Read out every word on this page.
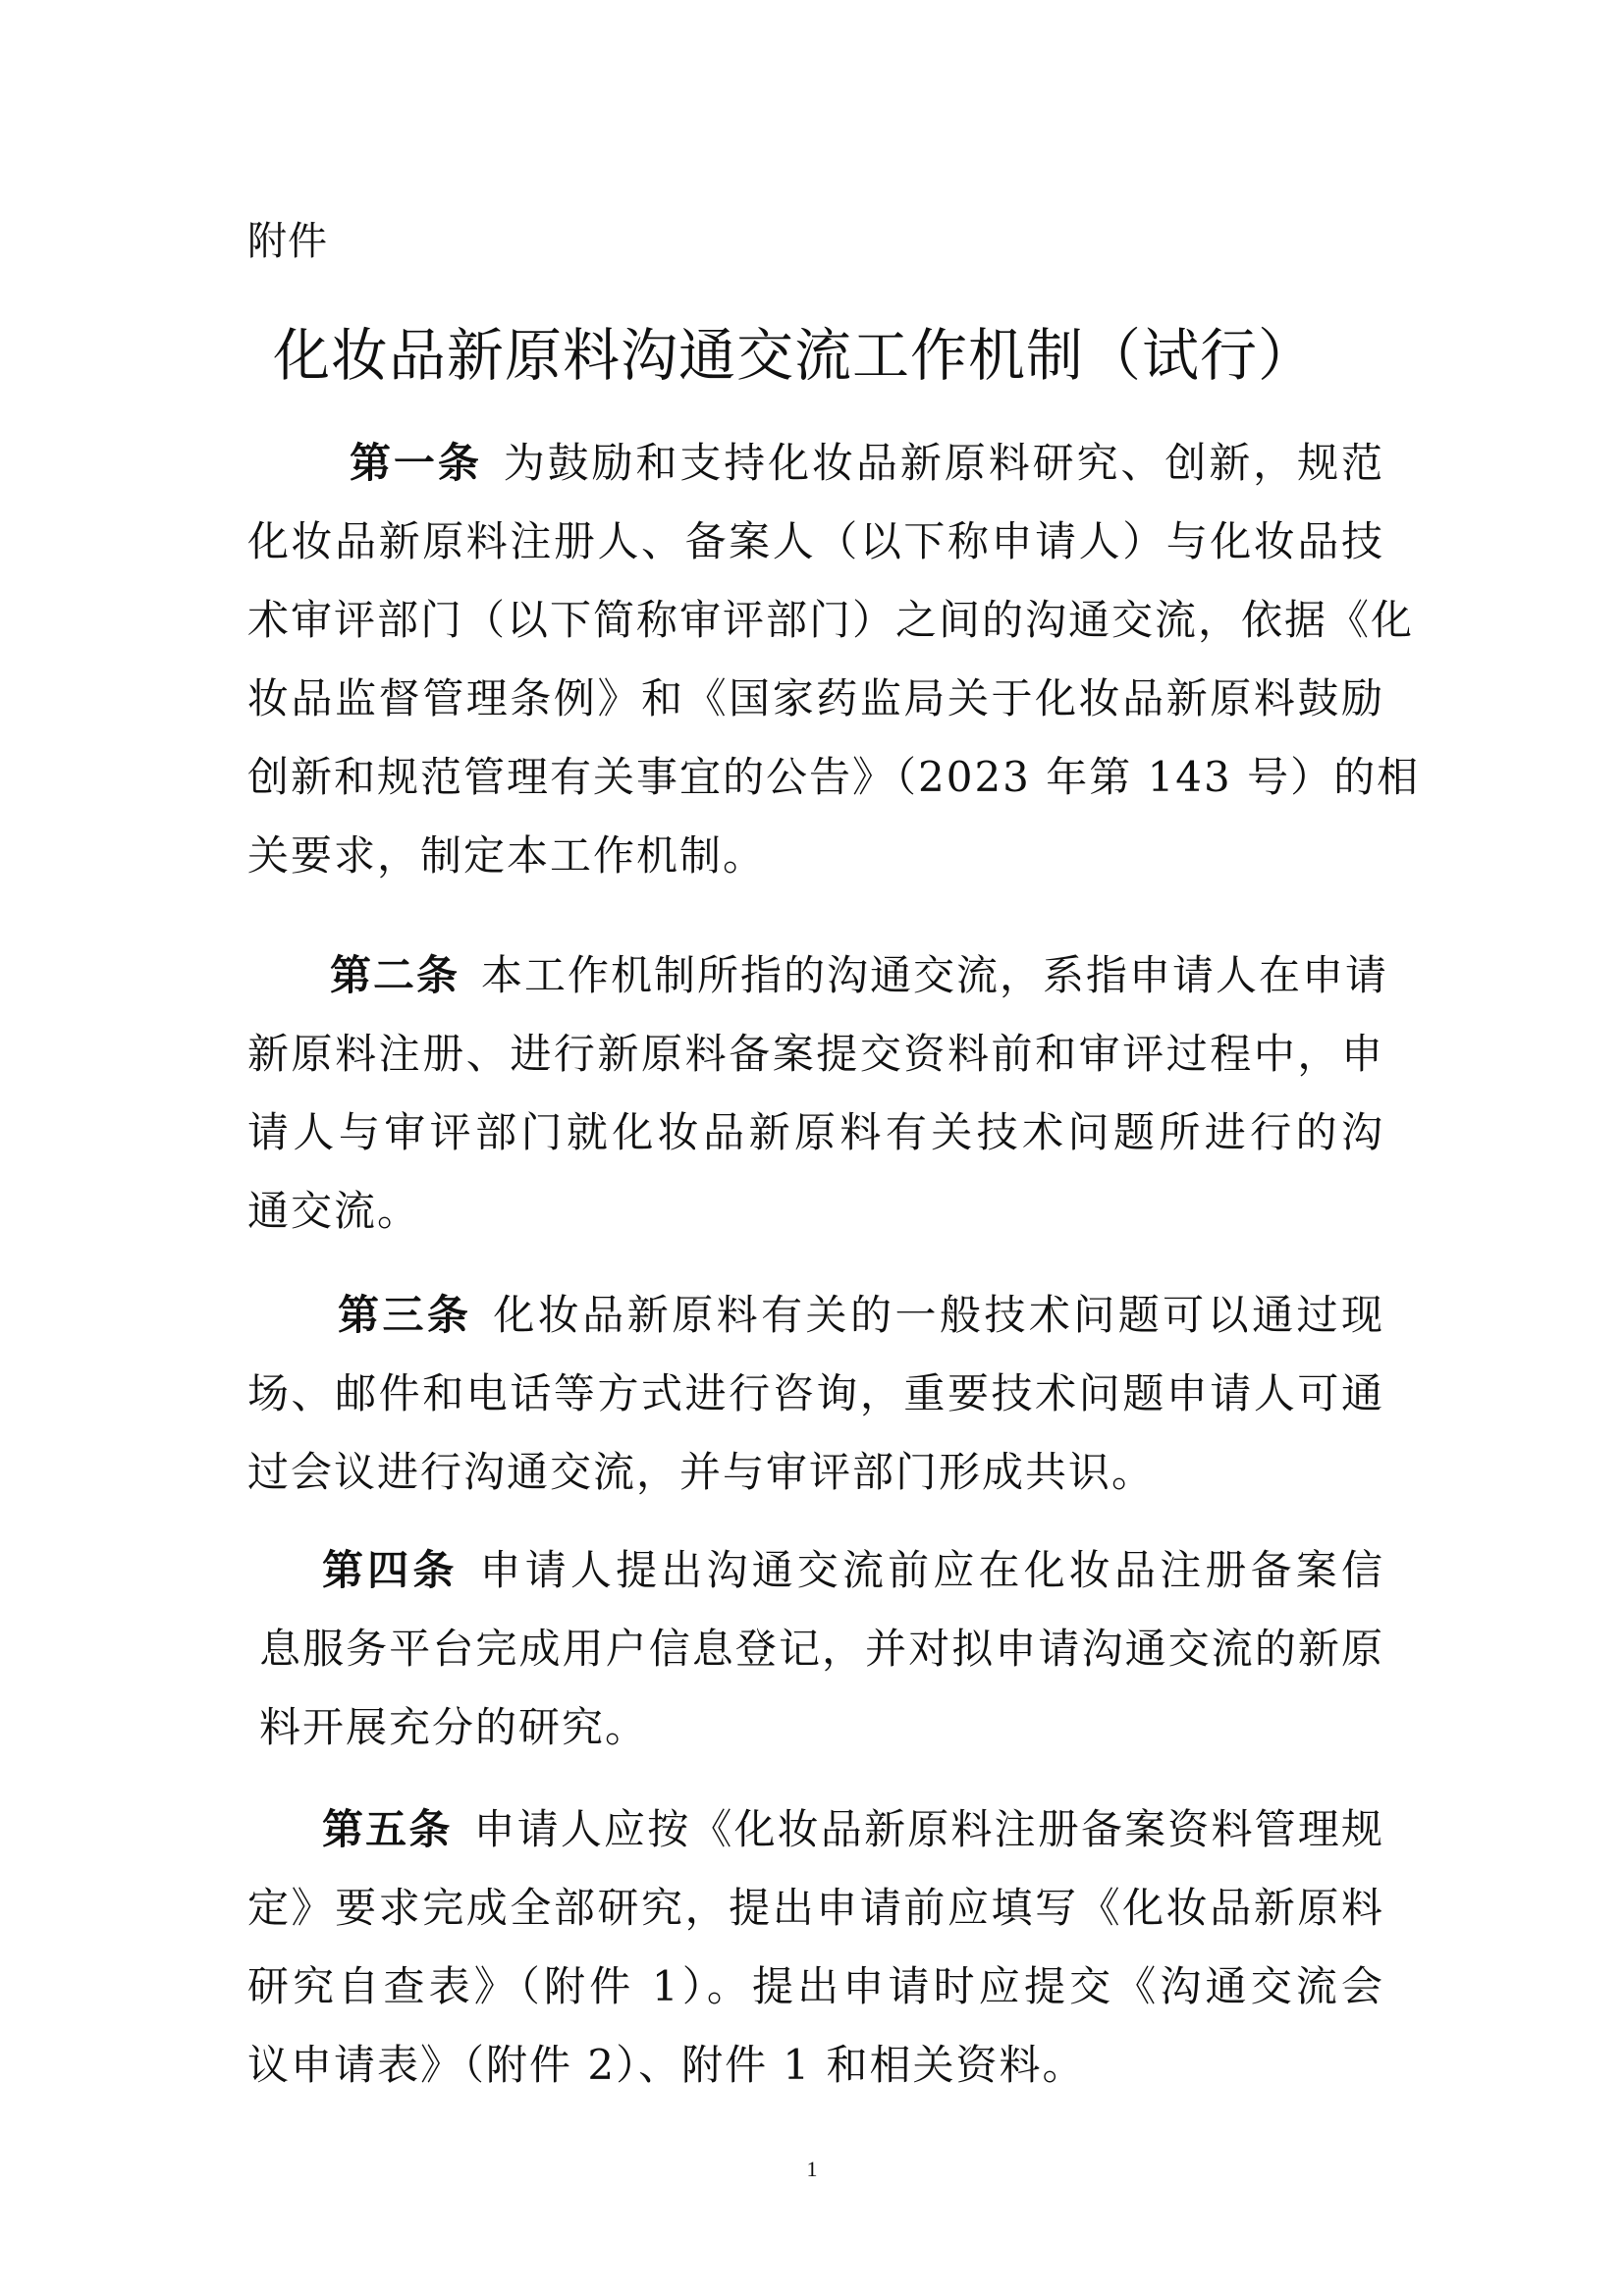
附件
化妆品新原料沟通交流工作机制（试行）
第一条 为鼓励和支持化妆品新原料研究、创新，规范
化妆品新原料注册人、备案人（以下称申请人）与化妆品技
术审评部门（以下简称审评部门）之间的沟通交流，依据《化
妆品监督管理条例》和《国家药监局关于化妆品新原料鼓励
创新和规范管理有关事宜的公告》（2023 年第 143 号）的相
关要求，制定本工作机制。
第二条 本工作机制所指的沟通交流，系指申请人在申请
新原料注册、进行新原料备案提交资料前和审评过程中，申
请人与审评部门就化妆品新原料有关技术问题所进行的沟
通交流。
第三条 化妆品新原料有关的一般技术问题可以通过现
场、邮件和电话等方式进行咨询，重要技术问题申请人可通
过会议进行沟通交流，并与审评部门形成共识。
第四条 申请人提出沟通交流前应在化妆品注册备案信
息服务平台完成用户信息登记，并对拟申请沟通交流的新原
料开展充分的研究。
第五条 申请人应按《化妆品新原料注册备案资料管理规
定》要求完成全部研究，提出申请前应填写《化妆品新原料
研究自查表》（附件 1）。提出申请时应提交《沟通交流会
议申请表》（附件 2）、附件 1 和相关资料。
1
